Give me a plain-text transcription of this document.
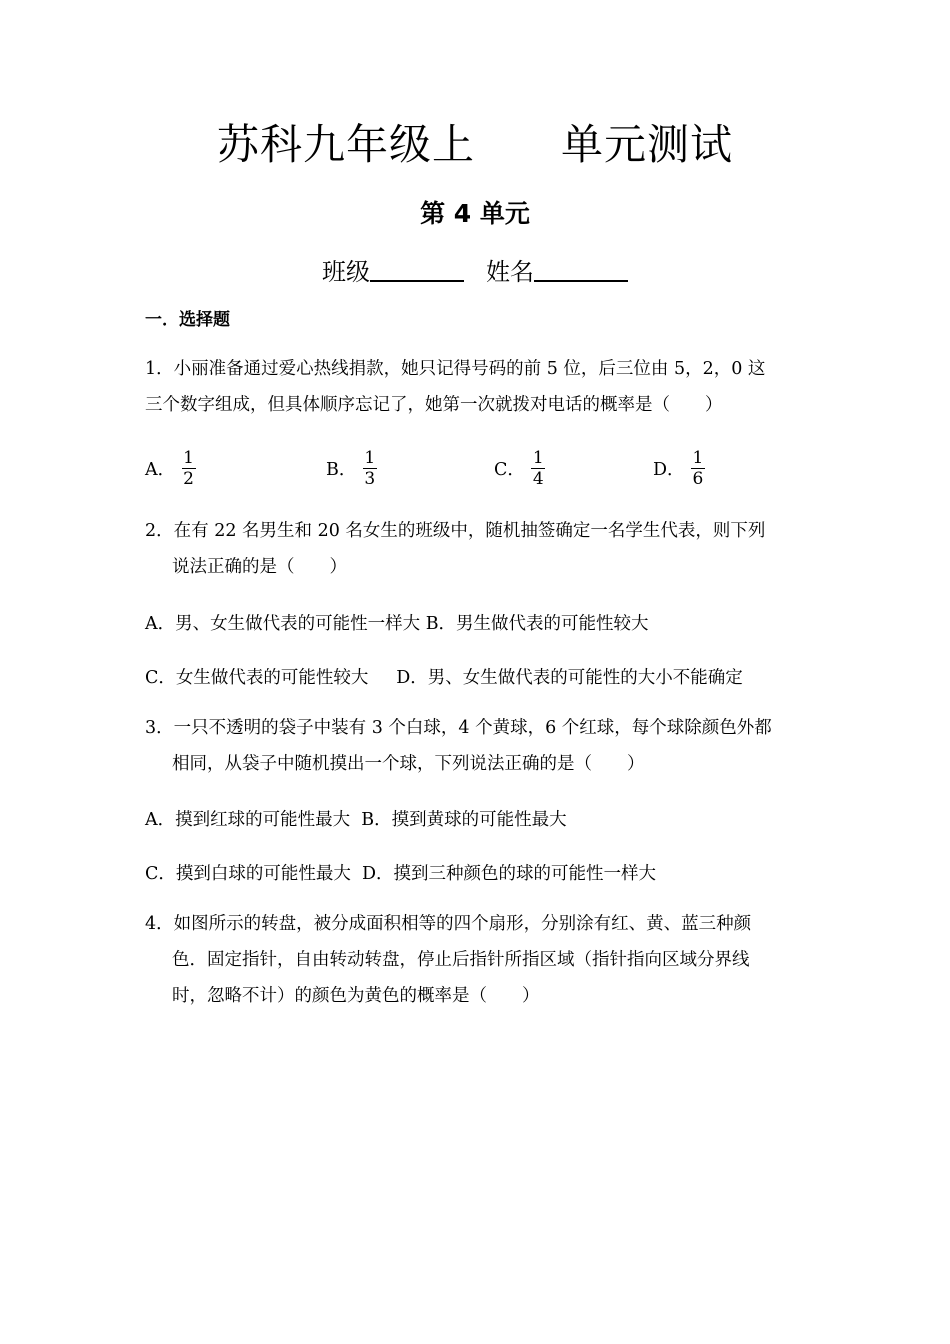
苏科九年级上      单元测试
第 4 单元
班级	姓名
一．选择题
1．小丽准备通过爱心热线捐款，她只记得号码的前 5 位，后三位由 5，2，0 这
三个数字组成，但具体顺序忘记了，她第一次就拨对电话的概率是（　　）
A． $\frac{1}{2}$	B． $\frac{1}{3}$	C． $\frac{1}{4}$	D． $\frac{1}{6}$
2．在有 22 名男生和 20 名女生的班级中，随机抽签确定一名学生代表，则下列
说法正确的是（　　）
A．男、女生做代表的可能性一样大 B．男生做代表的可能性较大
C．女生做代表的可能性较大     D．男、女生做代表的可能性的大小不能确定
3．一只不透明的袋子中装有 3 个白球，4 个黄球，6 个红球，每个球除颜色外都
相同，从袋子中随机摸出一个球，下列说法正确的是（　　）
A．摸到红球的可能性最大  B．摸到黄球的可能性最大
C．摸到白球的可能性最大  D．摸到三种颜色的球的可能性一样大
4．如图所示的转盘，被分成面积相等的四个扇形，分别涂有红、黄、蓝三种颜
色．固定指针，自由转动转盘，停止后指针所指区域（指针指向区域分界线
时，忽略不计）的颜色为黄色的概率是（　　）
